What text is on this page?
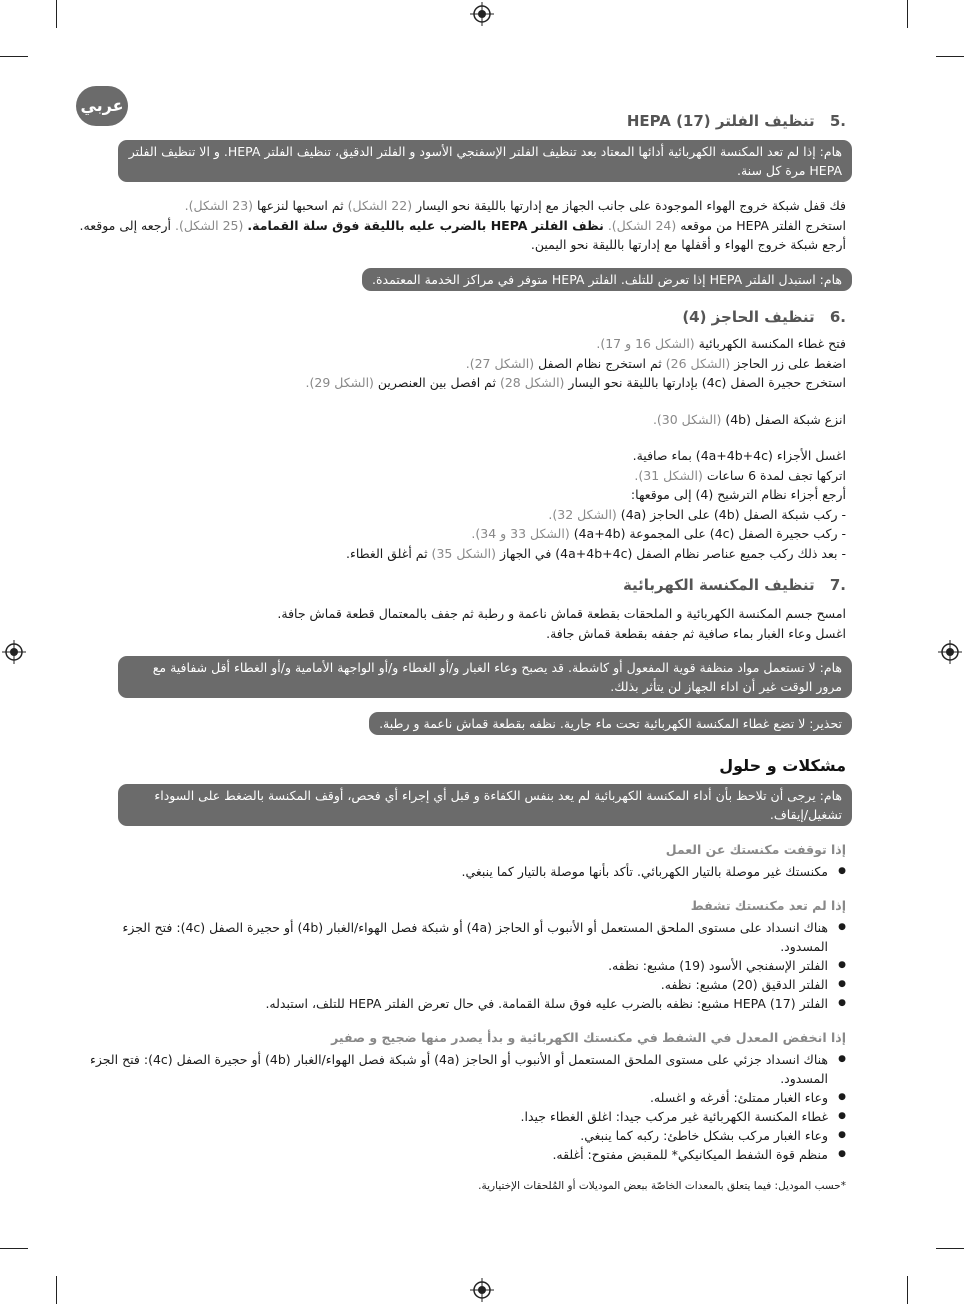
عربي
.5 تنظيف الفلتر HEPA (17)
هام: إذا لم تعد المكنسة الكهربائية أدائها المعتاد بعد تنظيف الفلتر الإسفنجي الأسود و الفلتر الدقيق، تنظيف الفلتر HEPA. و الا تنظيف الفلتر HEPA مرة كل سنة.
فك قفل شبكة خروج الهواء الموجودة على جانب الجهاز مع إدارتها بالليقة نحو اليسار (22 الشكل) ثم اسحبها لنزعها (23 الشكل).
استخرج الفلتر HEPA من موقعه (24 الشكل). نظف الفلتر HEPA بالضرب عليه بالليقة فوق سلة القمامة. (25 الشكل). أرجعه إلى موقعه.
أرجع شبكة خروج الهواء و أقفلها مع إدارتها بالليقة نحو اليمين.
هام: استبدل الفلتر HEPA إذا تعرض للتلف. الفلتر HEPA متوفر في مراكز الخدمة المعتمدة.
.6 تنظيف الحاجز (4)
فتح غطاء المكنسة الكهربائية (الشكل 16 و 17).
اضغط على زر الحاجز (الشكل 26) ثم استخرج نظام الصفل (الشكل 27).
استخرج حجيرة الصفل (4c) بإدارتها بالليقة نحو اليسار (الشكل 28) ثم افصل بين العنصرين (الشكل 29).
انزع شبكة الصفل (4b) (الشكل 30).
اغسل الأجزاء (4a+4b+4c) بماء صافية.
اتركها تجف لمدة 6 ساعات (الشكل 31).
أرجع أجزاء نظام الترشيح (4) إلى موقعها:
- ركب شبكة الصفل (4b) على الحاجز (4a) (الشكل 32).
- ركب حجيرة الصفل (4c) على المجموعة (4a+4b) (الشكل 33 و 34).
- بعد ذلك ركب جميع عناصر نظام الصفل (4a+4b+4c) في الجهاز (الشكل 35) ثم أغلق الغطاء.
.7 تنظيف المكنسة الكهربائية
امسح جسم المكنسة الكهربائية و الملحقات بقطعة قماش ناعمة و رطبة ثم جفف بالمعتمال قطعة قماش جافة.
اغسل وعاء الغبار بماء صافية ثم جففه بقطعة قماش جافة.
هام: لا تستعمل مواد منظفة قوية المفعول أو كاشطة. قد يصبح وعاء الغبار و/أو الغطاء و/أو الواجهة الأمامية و/أو الغطاء أقل شفافية مع مرور الوقت غير أن اداء الجهاز لن يتأثر بذلك.
تحذير: لا تضع غطاء المكنسة الكهربائية تحت ماء جارية. نظفه بقطعة قماش ناعمة و رطبة.
مشكلات و حلول
هام: يرجى أن تلاحظ بأن أداء المكنسة الكهربائية لم يعد بنفس الكفاءة و قبل أي إجراء أي فحص، أوقف المكنسة بالضغط على السوداء تشغيل/إيقاف.
إذا توقفت مكنستك عن العمل
● مكنستك غير موصلة بالتيار الكهربائي. تأكد بأنها موصلة بالتيار كما ينبغي.
إذا لم تعد مكنستك تشفط
● هناك انسداد على مستوى الملحق المستعمل أو الأنبوب أو الحاجز (4a) أو شبكة فصل الهواء/الغبار (4b) أو حجيرة الصفل (4c): فتح الجزء المسدود.
● الفلتر الإسفنجي الأسود (19) مشبع: نظفه.
● الفلتر الدقيق (20) مشبع: نظفه.
● الفلتر HEPA (17) مشبع: نظفه بالضرب عليه فوق سلة القمامة. في حال تعرض الفلتر HEPA للتلف، استبدله.
إذا انخفض المعدل في الشفط في مكنستك الكهربائية و بدأ يصدر منها ضجيج و صفير
● هناك انسداد جزئي على مستوى الملحق المستعمل أو الأنبوب أو الحاجز (4a) أو شبكة فصل الهواء/الغبار (4b) أو حجيرة الصفل (4c): فتح الجزء المسدود.
● وعاء الغبار ممتلئ: أفرغه و اغسله.
● غطاء المكنسة الكهربائية غير مركب جيدا: اغلق الغطاء جيدا.
● وعاء الغبار مركب بشكل خاطئ: ركبه كما ينبغي.
● منظم قوة الشفط الميكانيكي* للمقبض مفتوح: أغلقه.
*حسب الموديل: فيما يتعلق بالمعدات الخاصّة ببعض الموديلات أو المُلحقات الإختيارية.
